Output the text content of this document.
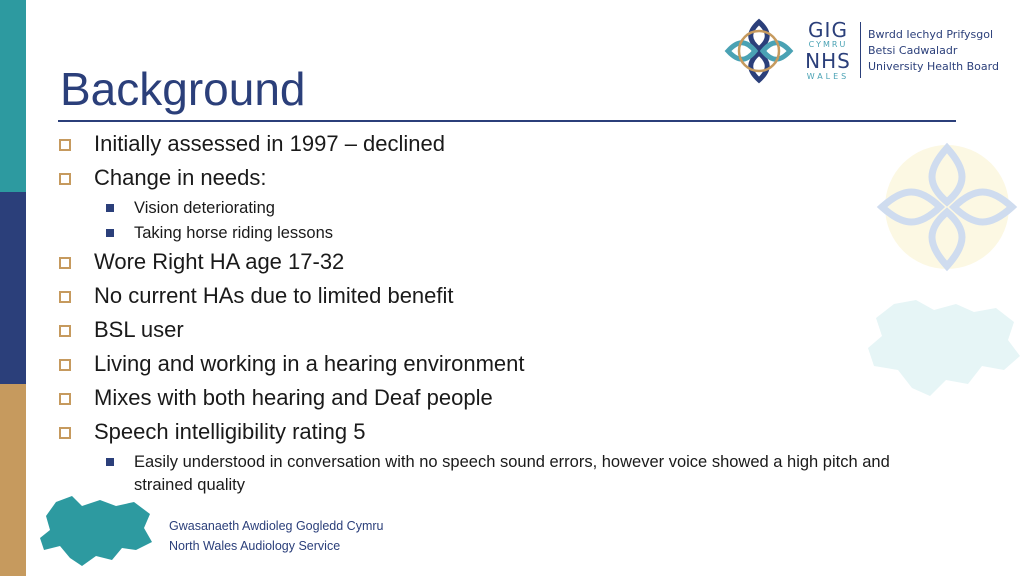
GIG
CYMRU
NHS
WALES
Bwrdd Iechyd Prifysgol
Betsi Cadwaladr
University Health Board
Background
Initially assessed in 1997 – declined
Change in needs:
Vision deteriorating
Taking horse riding lessons
Wore Right HA age 17-32
No current HAs due to limited benefit
BSL user
Living and working in a hearing environment
Mixes with both hearing and Deaf people
Speech intelligibility rating 5
Easily understood in conversation with no speech sound errors, however voice showed a high pitch and strained quality
Gwasanaeth Awdioleg Gogledd Cymru
North Wales Audiology Service
